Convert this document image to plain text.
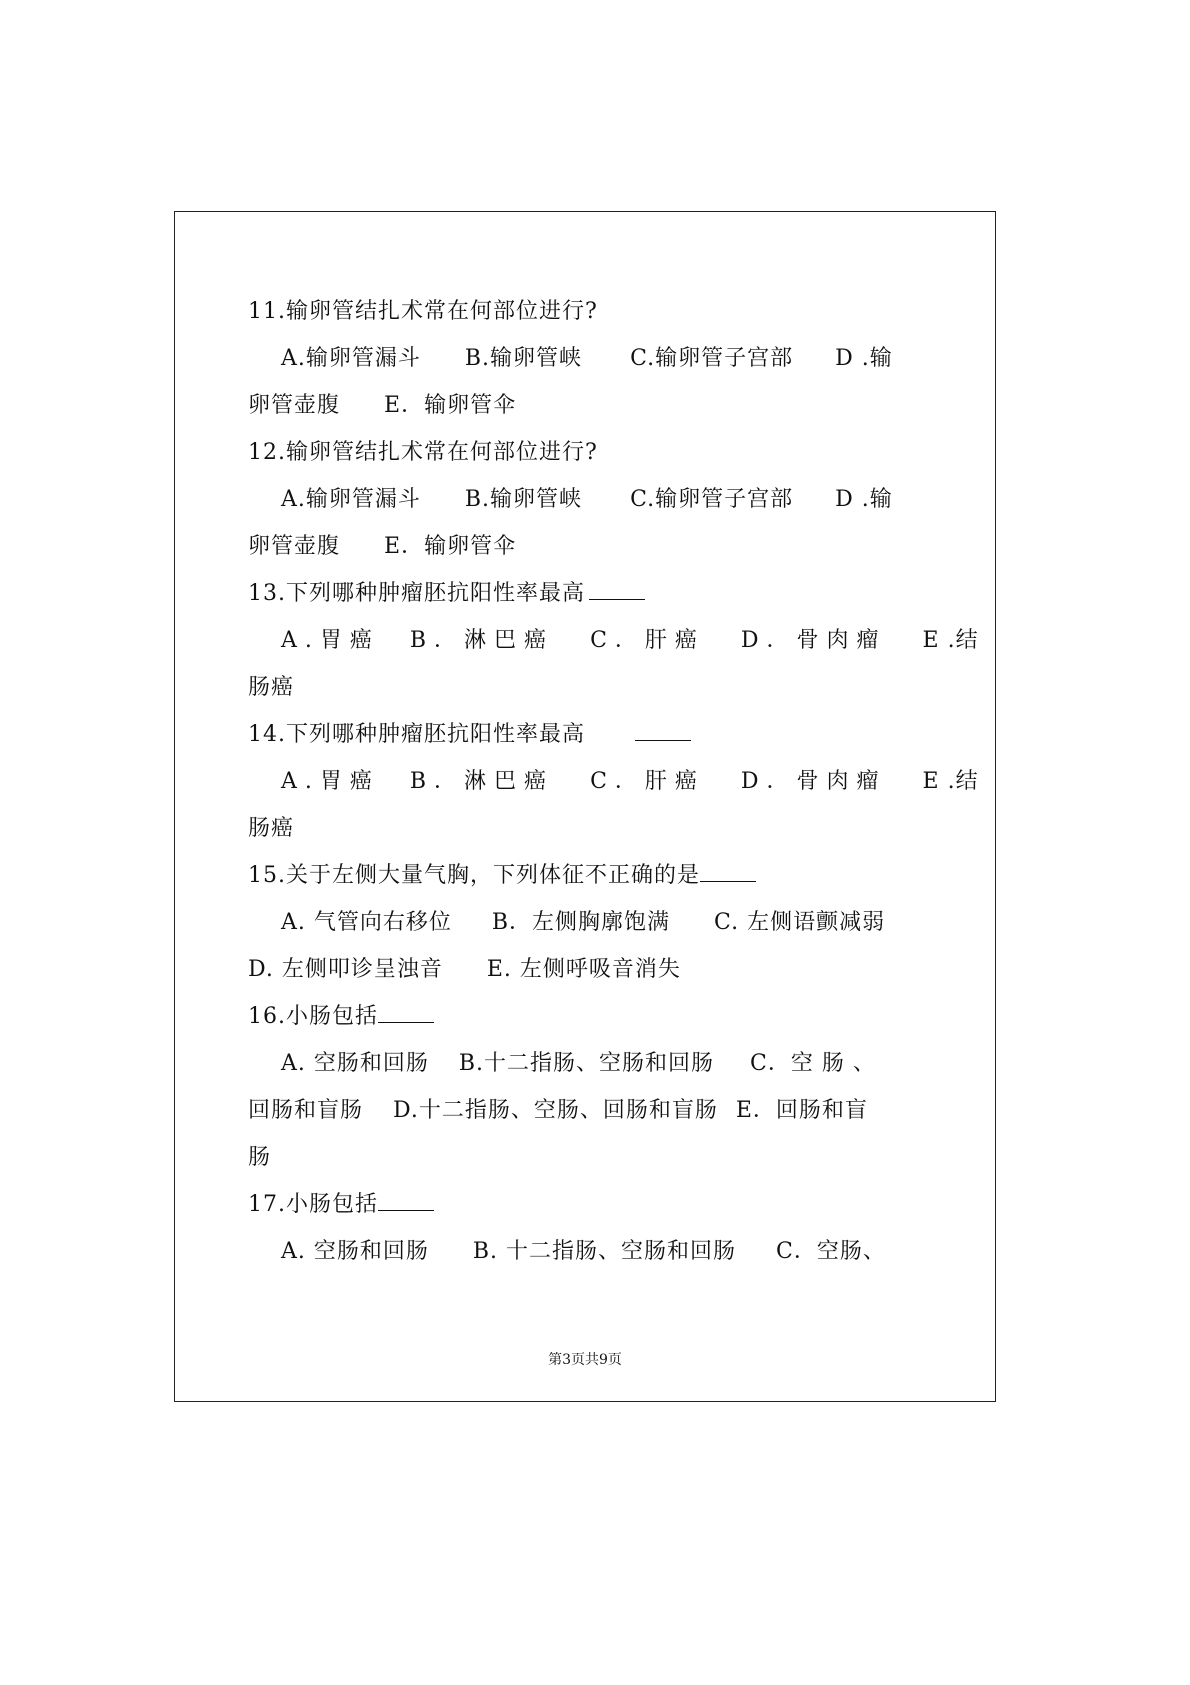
11.输卵管结扎术常在何部位进行?
A.输卵管漏斗 B.输卵管峡 C.输卵管子宫部 D .输
卵管壶腹 E．输卵管伞
12.输卵管结扎术常在何部位进行?
A.输卵管漏斗 B.输卵管峡 C.输卵管子宫部 D .输
卵管壶腹 E．输卵管伞
13.下列哪种肿瘤胚抗阳性率最高
A.胃癌 B．淋巴癌 C．肝癌 D．骨肉瘤 E .结
肠癌
14.下列哪种肿瘤胚抗阳性率最高
A.胃癌 B．淋巴癌 C．肝癌 D．骨肉瘤 E .结
肠癌
15.关于左侧大量气胸，下列体征不正确的是
A. 气管向右移位 B．左侧胸廓饱满 C. 左侧语颤减弱
D. 左侧叩诊呈浊音 E. 左侧呼吸音消失
16.小肠包括
A. 空肠和回肠 B.十二指肠、空肠和回肠 C．空 肠 、
回肠和盲肠 D.十二指肠、空肠、回肠和盲肠 E．回肠和盲
肠
17.小肠包括
A. 空肠和回肠 B. 十二指肠、空肠和回肠 C．空肠、
第3页共9页
